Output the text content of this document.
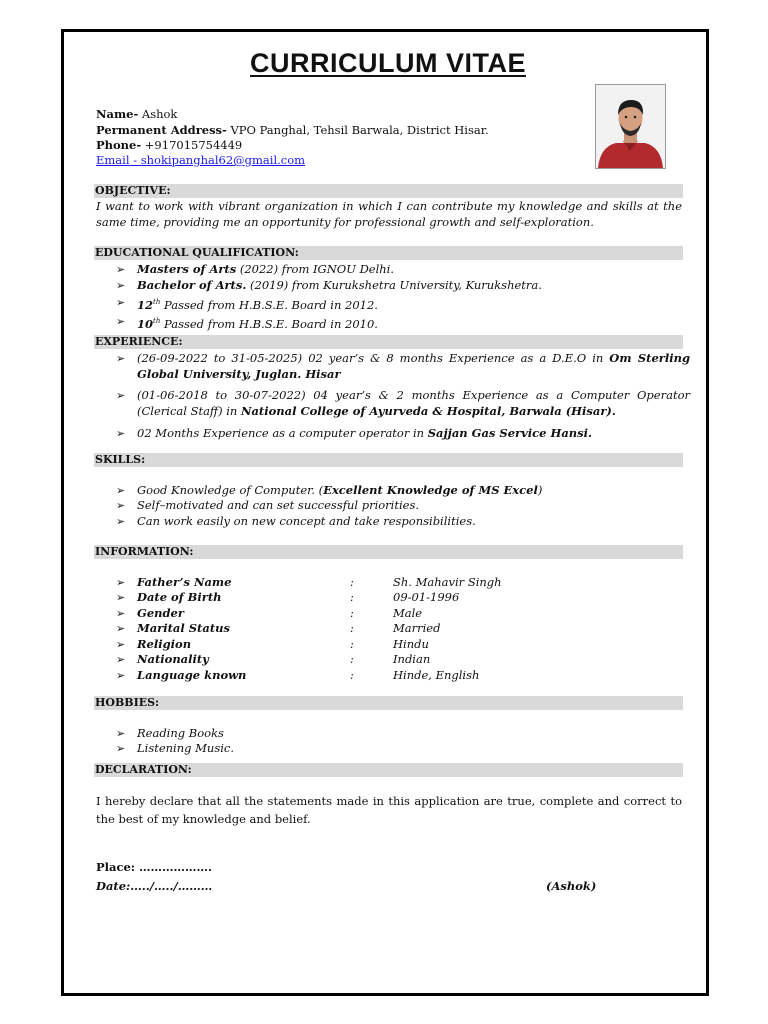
CURRICULUM VITAE
Name- Ashok
Permanent Address- VPO Panghal, Tehsil Barwala, District Hisar.
Phone- +917015754449
Email - shokipanghal62@gmail.com
OBJECTIVE:
I want to work with vibrant organization in which I can contribute my knowledge and skills at the same time, providing me an opportunity for professional growth and self-exploration.
EDUCATIONAL QUALIFICATION:
➢ Masters of Arts (2022) from IGNOU Delhi.
➢ Bachelor of Arts. (2019) from Kurukshetra University, Kurukshetra.
➢ 12th Passed from H.B.S.E. Board in 2012.
➢ 10th Passed from H.B.S.E. Board in 2010.
EXPERIENCE:
➢ (26-09-2022 to 31-05-2025) 02 year’s & 8 months Experience as a D.E.O in Om Sterling Global University, Juglan. Hisar
➢ (01-06-2018 to 30-07-2022) 04 year’s & 2 months Experience as a Computer Operator (Clerical Staff) in National College of Ayurveda & Hospital, Barwala (Hisar).
➢ 02 Months Experience as a computer operator in Sajjan Gas Service Hansi.
SKILLS:
➢ Good Knowledge of Computer. (Excellent Knowledge of MS Excel)
➢ Self–motivated and can set successful priorities.
➢ Can work easily on new concept and take responsibilities.
INFORMATION:
➢ Father’s Name	:	Sh. Mahavir Singh
➢ Date of Birth	:	09-01-1996
➢ Gender	:	Male
➢ Marital Status	:	Married
➢ Religion	:	Hindu
➢ Nationality	:	Indian
➢ Language known	:	Hinde, English
HOBBIES:
➢ Reading Books
➢ Listening Music.
DECLARATION:
I hereby declare that all the statements made in this application are true, complete and correct to the best of my knowledge and belief.
Place: ……………….
Date:…../…../………	(Ashok)
